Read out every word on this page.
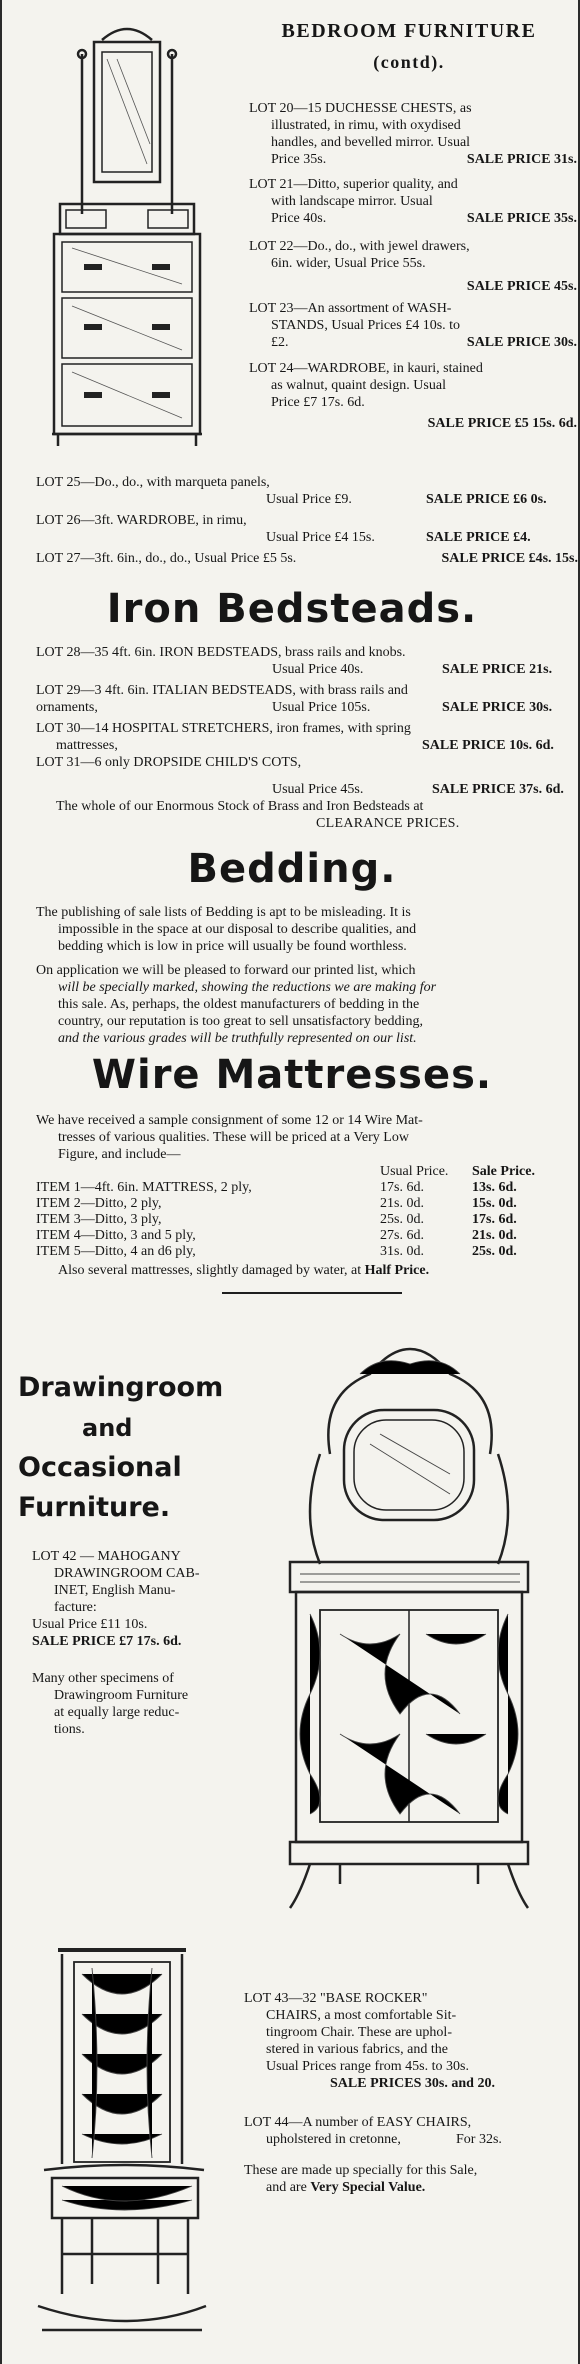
BEDROOM FURNITURE
(contd).
LOT 20—15 DUCHESSE CHESTS, as
illustrated, in rimu, with oxydised
handles, and bevelled mirror. Usual
Price 35s.	SALE PRICE 31s.
LOT 21—Ditto, superior quality, and
with landscape mirror. Usual
Price 40s.	SALE PRICE 35s.
LOT 22—Do., do., with jewel drawers,
6in. wider, Usual Price 55s.
SALE PRICE 45s.
LOT 23—An assortment of WASH-
STANDS, Usual Prices £4 10s. to
£2.	SALE PRICE 30s.
LOT 24—WARDROBE, in kauri, stained
as walnut, quaint design. Usual
Price £7 17s. 6d.
SALE PRICE £5 15s. 6d.
LOT 25—Do., do., with marqueta panels,
Usual Price £9.	SALE PRICE £6 0s.
LOT 26—3ft. WARDROBE, in rimu,
Usual Price £4 15s.	SALE PRICE £4.
LOT 27—3ft. 6in., do., do., Usual Price £5 5s.	SALE PRICE £4s. 15s.
Iron Bedsteads.
LOT 28—35 4ft. 6in. IRON BEDSTEADS, brass rails and knobs.
Usual Price 40s.	SALE PRICE 21s.
LOT 29—3 4ft. 6in. ITALIAN BEDSTEADS, with brass rails and
ornaments,	Usual Price 105s.	SALE PRICE 30s.
LOT 30—14 HOSPITAL STRETCHERS, iron frames, with spring
mattresses,	SALE PRICE 10s. 6d.
LOT 31—6 only DROPSIDE CHILD'S COTS,
Usual Price 45s.	SALE PRICE 37s. 6d.
The whole of our Enormous Stock of Brass and Iron Bedsteads at
CLEARANCE PRICES.
Bedding.
The publishing of sale lists of Bedding is apt to be misleading. It is
impossible in the space at our disposal to describe qualities, and
bedding which is low in price will usually be found worthless.
On application we will be pleased to forward our printed list, which
will be specially marked, showing the reductions we are making for
this sale. As, perhaps, the oldest manufacturers of bedding in the
country, our reputation is too great to sell unsatisfactory bedding,
and the various grades will be truthfully represented on our list.
Wire Mattresses.
We have received a sample consignment of some 12 or 14 Wire Mat-
tresses of various qualities. These will be priced at a Very Low
Figure, and include—
Usual Price.	Sale Price.
ITEM 1—4ft. 6in. MATTRESS, 2 ply,	17s. 6d.	13s. 6d.
ITEM 2—Ditto, 2 ply,	21s. 0d.	15s. 0d.
ITEM 3—Ditto, 3 ply,	25s. 0d.	17s. 6d.
ITEM 4—Ditto, 3 and 5 ply,	27s. 6d.	21s. 0d.
ITEM 5—Ditto, 4 an d6 ply,	31s. 0d.	25s. 0d.
Also several mattresses, slightly damaged by water, at Half Price.
Drawingroom
and
Occasional
Furniture.
LOT 42 — MAHOGANY
DRAWINGROOM CAB-
INET, English Manu-
facture:
Usual Price £11 10s.
SALE PRICE £7 17s. 6d.
Many other specimens of
Drawingroom Furniture
at equally large reduc-
tions.
LOT 43—32 "BASE ROCKER"
CHAIRS, a most comfortable Sit-
tingroom Chair. These are uphol-
stered in various fabrics, and the
Usual Prices range from 45s. to 30s.
SALE PRICES 30s. and 20.
LOT 44—A number of EASY CHAIRS,
upholstered in cretonne,	For 32s.
These are made up specially for this Sale,
and are Very Special Value.
